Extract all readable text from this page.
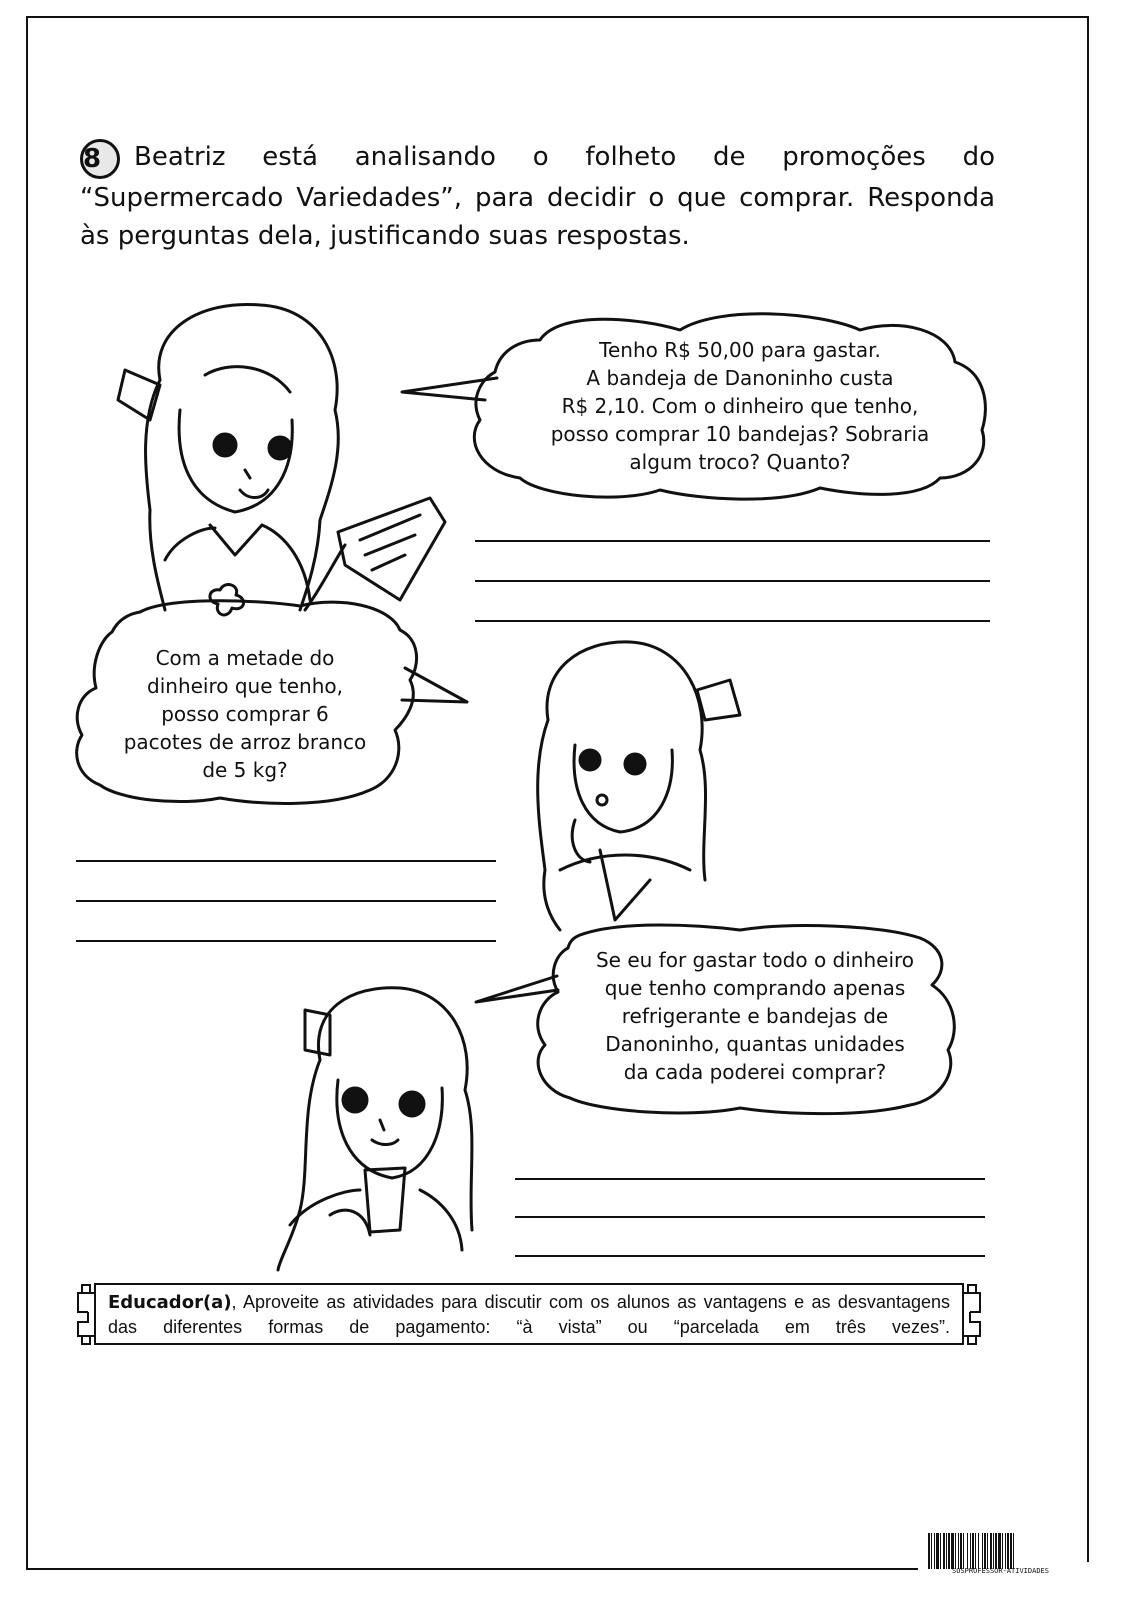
8 Beatriz está analisando o folheto de promoções do “Supermercado Variedades”, para decidir o que comprar. Responda às perguntas dela, justificando suas respostas.
Tenho R$ 50,00 para gastar.
A bandeja de Danoninho custa
R$ 2,10. Com o dinheiro que tenho,
posso comprar 10 bandejas? Sobraria
algum troco? Quanto?
Com a metade do
dinheiro que tenho,
posso comprar 6
pacotes de arroz branco
de 5 kg?
Se eu for gastar todo o dinheiro
que tenho comprando apenas
refrigerante e bandejas de
Danoninho, quantas unidades
da cada poderei comprar?
Educador(a), Aproveite as atividades para discutir com os alunos as vantagens e as desvantagens das diferentes formas de pagamento: “à vista” ou “parcelada em três vezes”.
SOSPROFESSOR-ATIVIDADES
